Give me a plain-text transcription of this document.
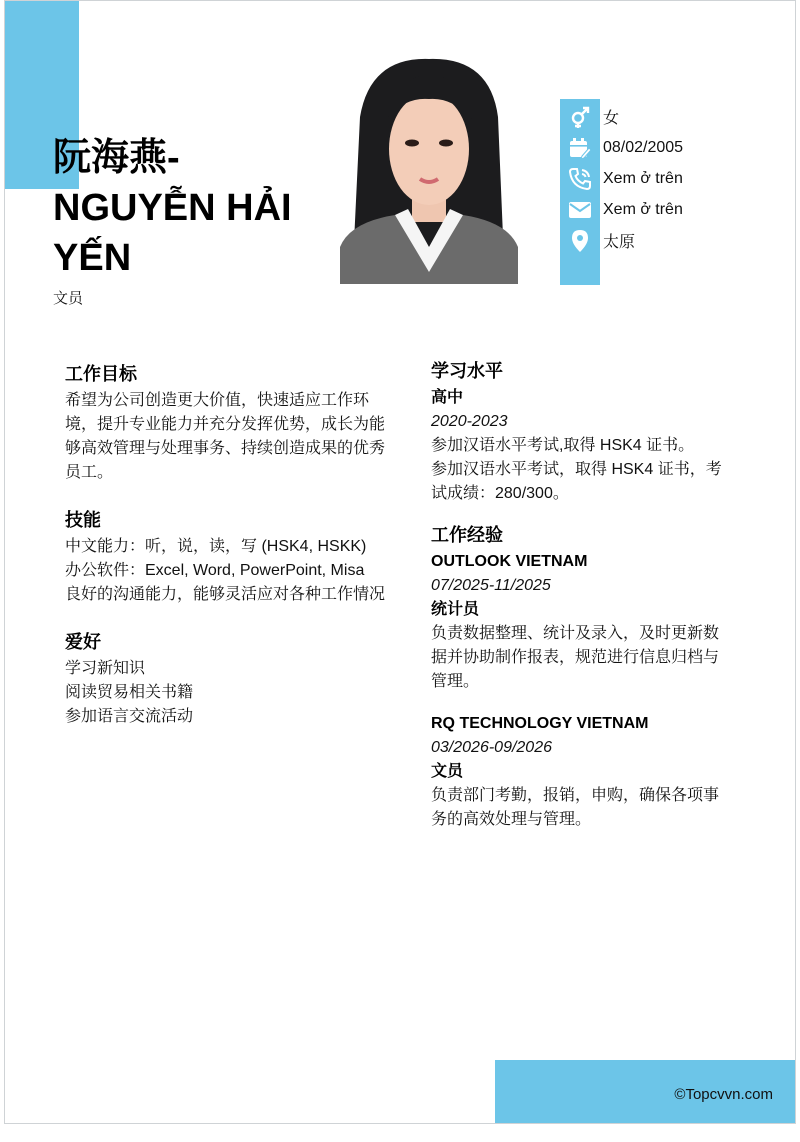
阮海燕-NGUYỄN HẢI YẾN
文员
女
08/02/2005
Xem ở trên
Xem ở trên
太原
工作目标
希望为公司创造更大价值，快速适应工作环境，提升专业能力并充分发挥优势，成长为能够高效管理与处理事务、持续创造成果的优秀员工。
技能
中文能力：听，说，读，写 (HSK4, HSKK)
办公软件：Excel, Word, PowerPoint, Misa
良好的沟通能力，能够灵活应对各种工作情况
爱好
学习新知识
阅读贸易相关书籍
参加语言交流活动
学习水平
高中
2020-2023
参加汉语水平考试,取得 HSK4 证书。
参加汉语水平考试，取得 HSK4 证书，考试成绩：280/300。
工作经验
OUTLOOK VIETNAM
07/2025-11/2025
统计员
负责数据整理、统计及录入，及时更新数据并协助制作报表，规范进行信息归档与管理。
RQ TECHNOLOGY VIETNAM
03/2026-09/2026
文员
负责部门考勤，报销，申购，确保各项事务的高效处理与管理。
©Topcvvn.com
